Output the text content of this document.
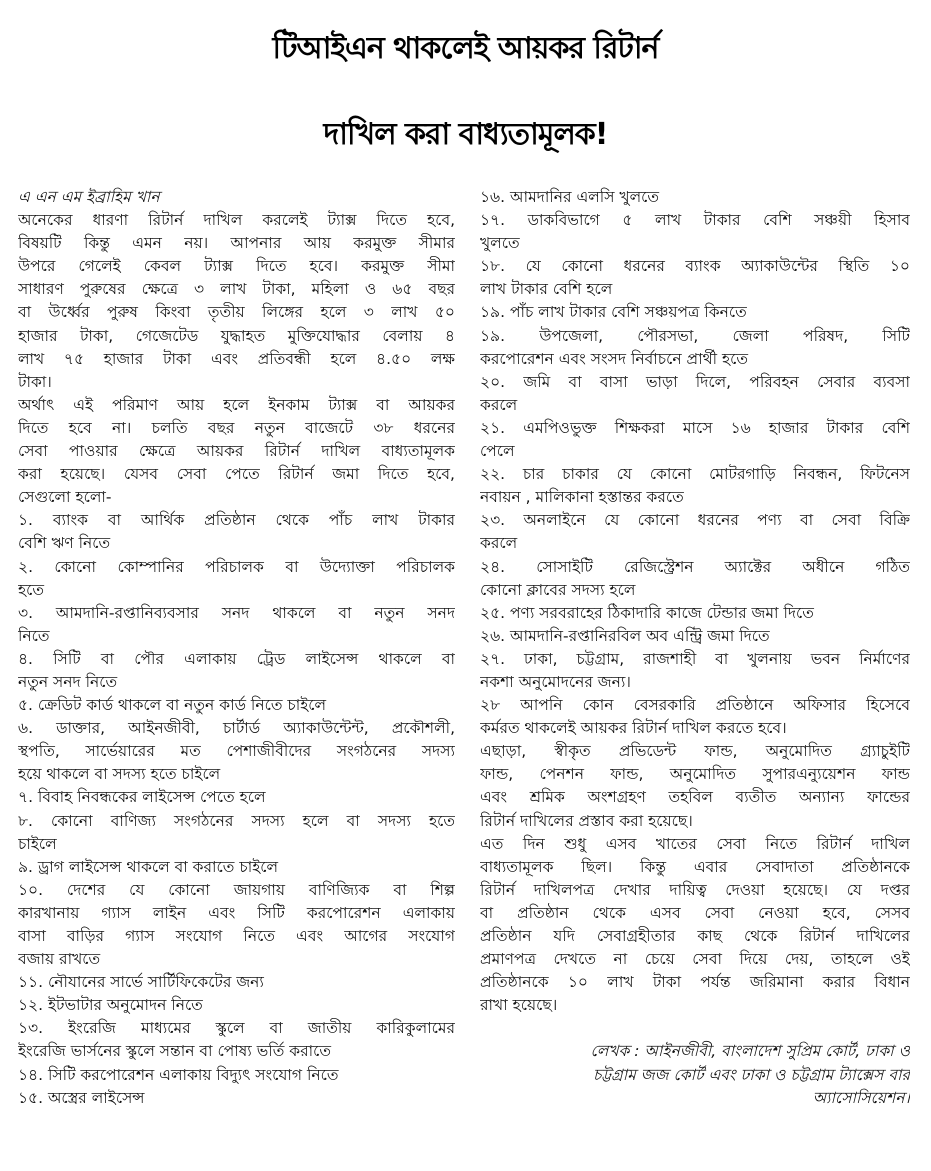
টিআইএন থাকলেই আয়কর রিটার্ন
দাখিল করা বাধ্যতামূলক!
এ এন এম ইব্রাহিম খান
অনেকের ধারণা রিটার্ন দাখিল করলেই ট্যাক্স দিতে হবে,
বিষয়টি কিন্তু এমন নয়। আপনার আয় করমুক্ত সীমার
উপরে গেলেই কেবল ট্যাক্স দিতে হবে। করমুক্ত সীমা
সাধারণ পুরুষের ক্ষেত্রে ৩ লাখ টাকা, মহিলা ও ৬৫ বছর
বা উর্ধ্বের পুরুষ কিংবা তৃতীয় লিঙ্গের হলে ৩ লাখ ৫০
হাজার টাকা, গেজেটেড যুদ্ধাহত মুক্তিযোদ্ধার বেলায় ৪
লাখ ৭৫ হাজার টাকা এবং প্রতিবন্ধী হলে ৪.৫০ লক্ষ
টাকা।
অর্থাৎ এই পরিমাণ আয় হলে ইনকাম ট্যাক্স বা আয়কর
দিতে হবে না। চলতি বছর নতুন বাজেটে ৩৮ ধরনের
সেবা পাওয়ার ক্ষেত্রে আয়কর রিটার্ন দাখিল বাধ্যতামূলক
করা হয়েছে। যেসব সেবা পেতে রিটার্ন জমা দিতে হবে,
সেগুলো হলো-
১. ব্যাংক বা আর্থিক প্রতিষ্ঠান থেকে পাঁচ লাখ টাকার
বেশি ঋণ নিতে
২. কোনো কোম্পানির পরিচালক বা উদ্যোক্তা পরিচালক
হতে
৩. আমদানি-রপ্তানিব্যবসার সনদ থাকলে বা নতুন সনদ
নিতে
৪. সিটি বা পৌর এলাকায় ট্রেড লাইসেন্স থাকলে বা
নতুন সনদ নিতে
৫. ক্রেডিট কার্ড থাকলে বা নতুন কার্ড নিতে চাইলে
৬. ডাক্তার, আইনজীবী, চার্টার্ড অ্যাকাউন্টেন্ট, প্রকৌশলী,
স্থপতি, সার্ভেয়ারের মত পেশাজীবীদের সংগঠনের সদস্য
হয়ে থাকলে বা সদস্য হতে চাইলে
৭. বিবাহ নিবন্ধকের লাইসেন্স পেতে হলে
৮. কোনো বাণিজ্য সংগঠনের সদস্য হলে বা সদস্য হতে
চাইলে
৯. ড্রাগ লাইসেন্স থাকলে বা করাতে চাইলে
১০. দেশের যে কোনো জায়গায় বাণিজ্যিক বা শিল্প
কারখানায় গ্যাস লাইন এবং সিটি করপোরেশন এলাকায়
বাসা বাড়ির গ্যাস সংযোগ নিতে এবং আগের সংযোগ
বজায় রাখতে
১১. নৌযানের সার্ভে সার্টিফিকেটের জন্য
১২. ইটভাটার অনুমোদন নিতে
১৩. ইংরেজি মাধ্যমের স্কুলে বা জাতীয় কারিকুলামের
ইংরেজি ভার্সনের স্কুলে সন্তান বা পোষ্য ভর্তি করাতে
১৪. সিটি করপোরেশন এলাকায় বিদ্যুৎ সংযোগ নিতে
১৫. অস্ত্রের লাইসেন্স
১৬. আমদানির এলসি খুলতে
১৭. ডাকবিভাগে ৫ লাখ টাকার বেশি সঞ্চয়ী হিসাব
খুলতে
১৮. যে কোনো ধরনের ব্যাংক অ্যাকাউন্টের স্থিতি ১০
লাখ টাকার বেশি হলে
১৯. পাঁচ লাখ টাকার বেশি সঞ্চয়পত্র কিনতে
১৯. উপজেলা, পৌরসভা, জেলা পরিষদ, সিটি
করপোরেশন এবং সংসদ নির্বাচনে প্রার্থী হতে
২০. জমি বা বাসা ভাড়া দিলে, পরিবহন সেবার ব্যবসা
করলে
২১. এমপিওভুক্ত শিক্ষকরা মাসে ১৬ হাজার টাকার বেশি
পেলে
২২. চার চাকার যে কোনো মোটরগাড়ি নিবন্ধন, ফিটনেস
নবায়ন , মালিকানা হস্তান্তর করতে
২৩. অনলাইনে যে কোনো ধরনের পণ্য বা সেবা বিক্রি
করলে
২৪. সোসাইটি রেজিস্ট্রেশন অ্যাক্টের অধীনে গঠিত
কোনো ক্লাবের সদস্য হলে
২৫. পণ্য সরবরাহের ঠিকাদারি কাজে টেন্ডার জমা দিতে
২৬. আমদানি-রপ্তানিরবিল অব এন্ট্রি জমা দিতে
২৭. ঢাকা, চট্টগ্রাম, রাজশাহী বা খুলনায় ভবন নির্মাণের
নকশা অনুমোদনের জন্য।
২৮ আপনি কোন বেসরকারি প্রতিষ্ঠানে অফিসার হিসেবে
কর্মরত থাকলেই আয়কর রিটার্ন দাখিল করতে হবে।
এছাড়া, স্বীকৃত প্রভিডেন্ট ফান্ড, অনুমোদিত গ্র্যাচুইটি
ফান্ড, পেনশন ফান্ড, অনুমোদিত সুপারএন্যুয়েশন ফান্ড
এবং শ্রমিক অংশগ্রহণ তহবিল ব্যতীত অন্যান্য ফান্ডের
রিটার্ন দাখিলের প্রস্তাব করা হয়েছে।
এত দিন শুধু এসব খাতের সেবা নিতে রিটার্ন দাখিল
বাধ্যতামূলক ছিল। কিন্তু এবার সেবাদাতা প্রতিষ্ঠানকে
রিটার্ন দাখিলপত্র দেখার দায়িত্ব দেওয়া হয়েছে। যে দপ্তর
বা প্রতিষ্ঠান থেকে এসব সেবা নেওয়া হবে, সেসব
প্রতিষ্ঠান যদি সেবাগ্রহীতার কাছ থেকে রিটার্ন দাখিলের
প্রমাণপত্র দেখতে না চেয়ে সেবা দিয়ে দেয়, তাহলে ওই
প্রতিষ্ঠানকে ১০ লাখ টাকা পর্যন্ত জরিমানা করার বিধান
রাখা হয়েছে।
লেখক : আইনজীবী, বাংলাদেশ সুপ্রিম কোর্ট, ঢাকা ও
চট্টগ্রাম জজ কোর্ট এবং ঢাকা ও চট্টগ্রাম ট্যাক্সেস বার
অ্যাসোসিয়েশন।
